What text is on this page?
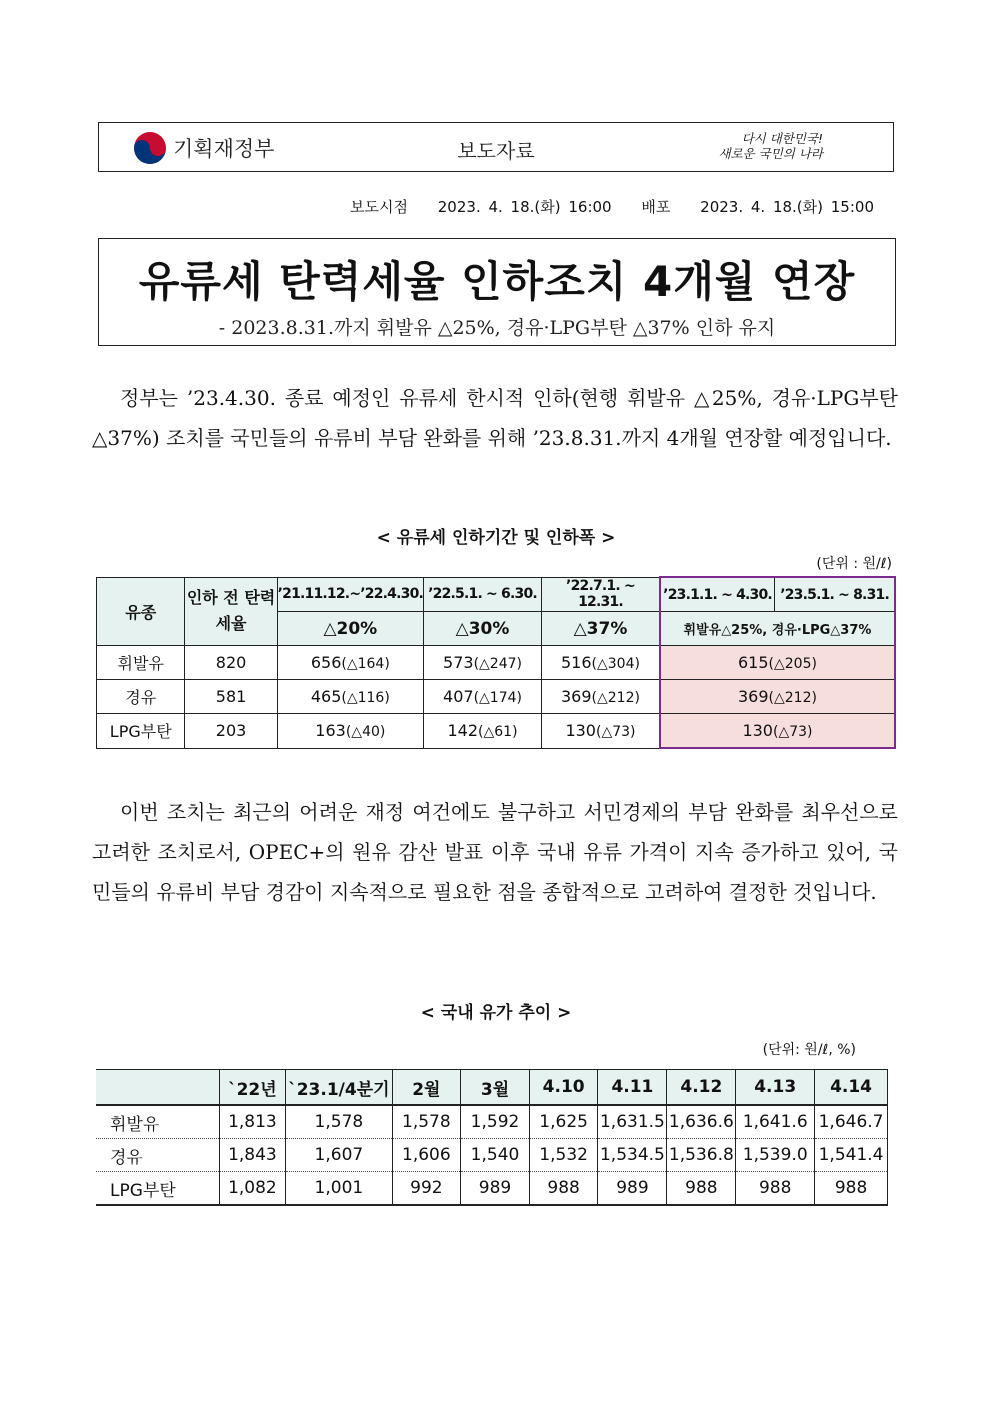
기획재정부	보도자료
다시 대한민국!
새로운 국민의 나라
보도시점 2023. 4. 18.(화) 16:00 배포 2023. 4. 18.(화) 15:00
유류세 탄력세율 인하조치 4개월 연장
- 2023.8.31.까지 휘발유 △25%, 경유·LPG부탄 △37% 인하 유지

정부는 ’23.4.30. 종료 예정인 유류세 한시적 인하(현행 휘발유 △25%, 경유·LPG부탄 △37%) 조치를 국민들의 유류비 부담 완화를 위해 ’23.8.31.까지 4개월 연장할 예정입니다.

< 유류세 인하기간 및 인하폭 >
(단위 : 원/ℓ)
유종	인하 전 탄력세율	’21.11.12.~’22.4.30.	’22.5.1. ~ 6.30.	’22.7.1. ~ 12.31.	’23.1.1. ~ 4.30.	’23.5.1. ~ 8.31.
		△20%	△30%	△37%	휘발유△25%, 경유·LPG△37%	
휘발유	820	656(△164)	573(△247)	516(△304)	615(△205)	
경유	581	465(△116)	407(△174)	369(△212)	369(△212)	
LPG부탄	203	163(△40)	142(△61)	130(△73)	130(△73)	

이번 조치는 최근의 어려운 재정 여건에도 불구하고 서민경제의 부담 완화를 최우선으로 고려한 조치로서, OPEC+의 원유 감산 발표 이후 국내 유류 가격이 지속 증가하고 있어, 국민들의 유류비 부담 경감이 지속적으로 필요한 점을 종합적으로 고려하여 결정한 것입니다.

< 국내 유가 추이 >
(단위: 원/ℓ, %)
	`22년	`23.1/4분기	2월	3월	4.10	4.11	4.12	4.13	4.14
휘발유	1,813	1,578	1,578	1,592	1,625	1,631.5	1,636.6	1,641.6	1,646.7
경유	1,843	1,607	1,606	1,540	1,532	1,534.5	1,536.8	1,539.0	1,541.4
LPG부탄	1,082	1,001	992	989	988	989	988	988	988
